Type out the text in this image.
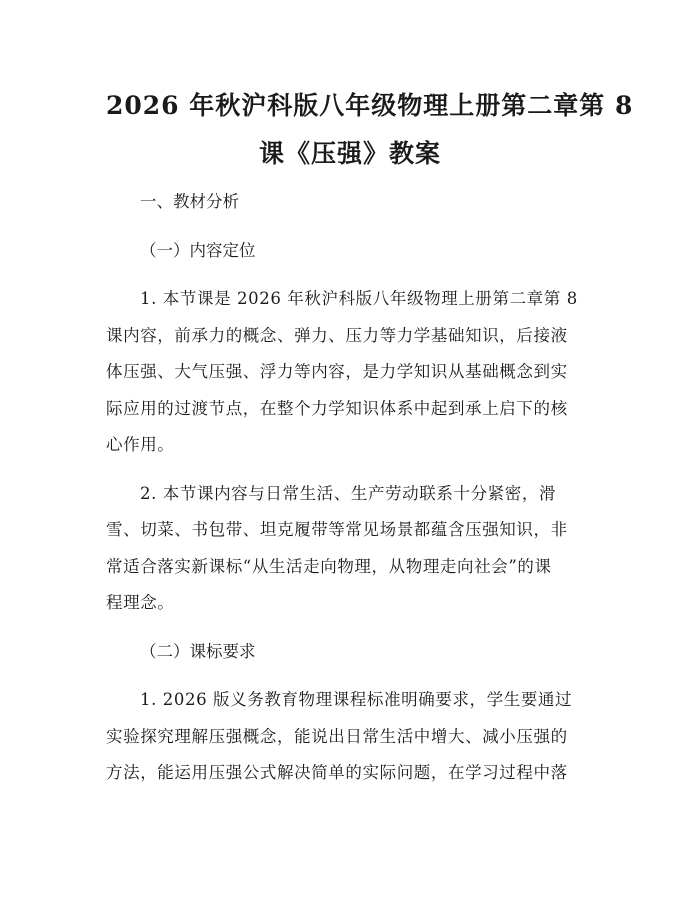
2026 年秋沪科版八年级物理上册第二章第 8
课《压强》教案

一、教材分析

（一）内容定位

1. 本节课是 2026 年秋沪科版八年级物理上册第二章第 8
课内容，前承力的概念、弹力、压力等力学基础知识，后接液
体压强、大气压强、浮力等内容，是力学知识从基础概念到实
际应用的过渡节点，在整个力学知识体系中起到承上启下的核
心作用。

2. 本节课内容与日常生活、生产劳动联系十分紧密，滑
雪、切菜、书包带、坦克履带等常见场景都蕴含压强知识，非
常适合落实新课标“从生活走向物理，从物理走向社会”的课
程理念。

（二）课标要求

1. 2026 版义务教育物理课程标准明确要求，学生要通过
实验探究理解压强概念，能说出日常生活中增大、减小压强的
方法，能运用压强公式解决简单的实际问题，在学习过程中落
